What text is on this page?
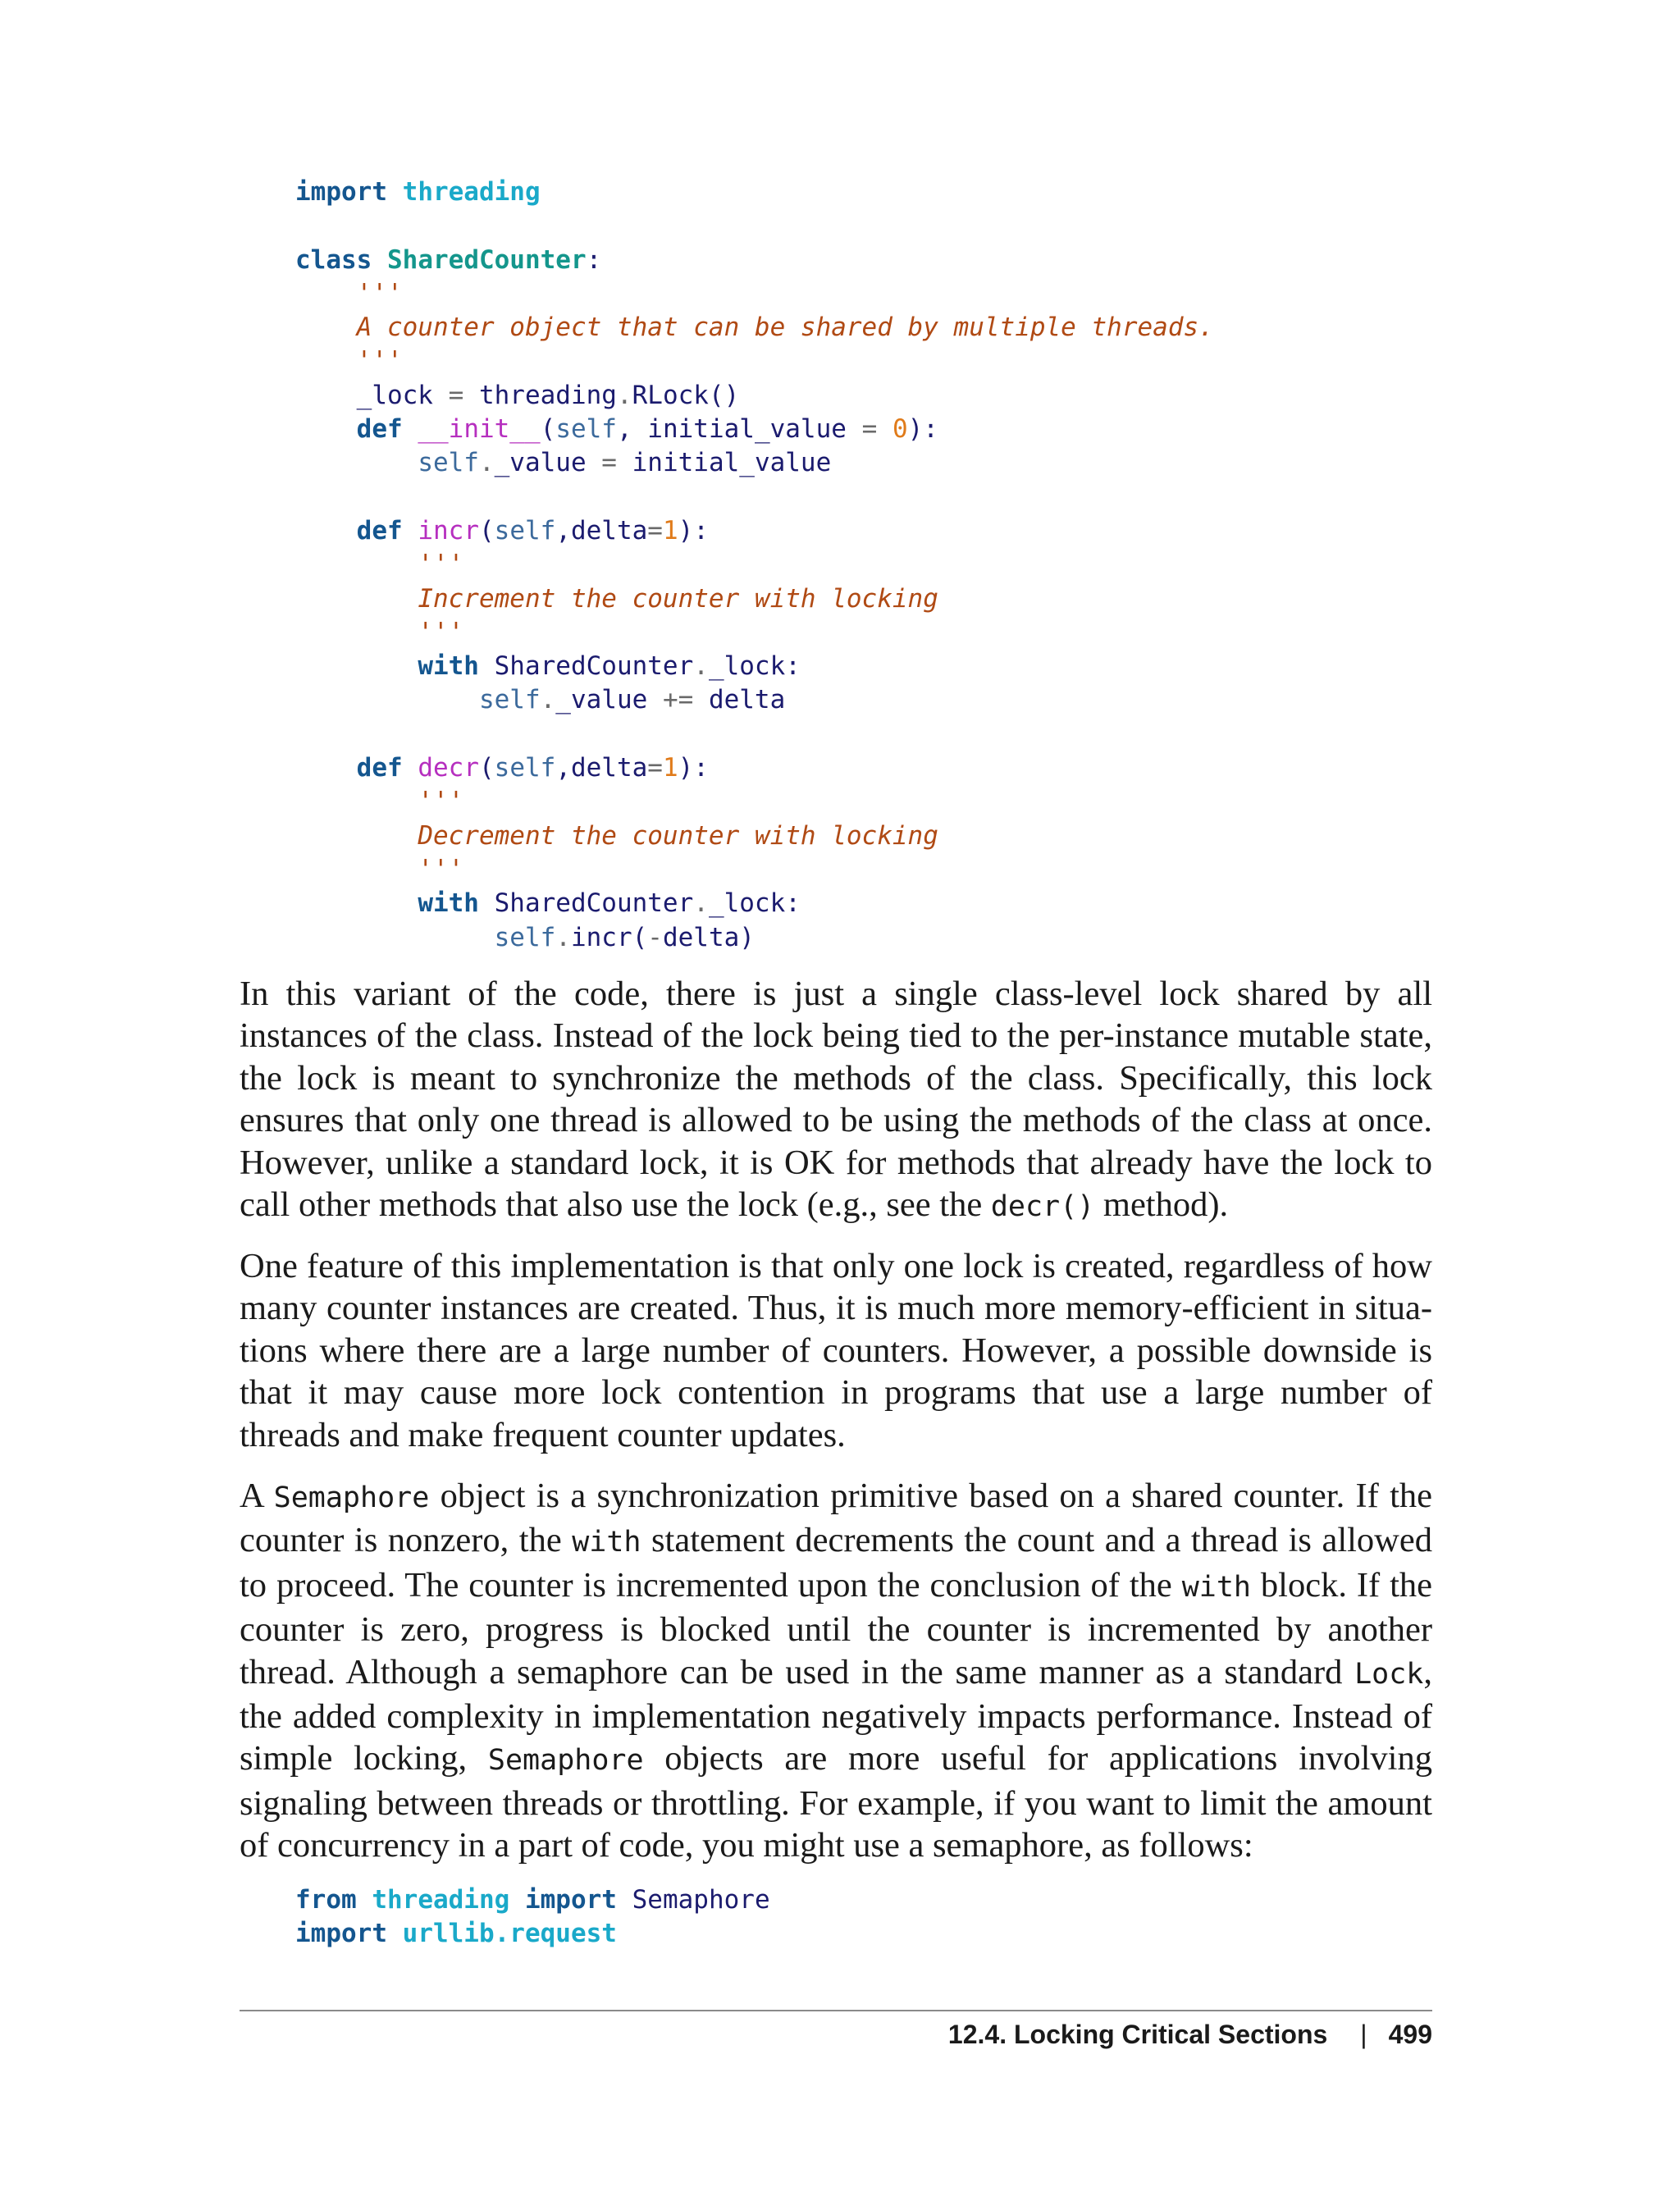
import threading

class SharedCounter:
'''
A counter object that can be shared by multiple threads.
'''
_lock = threading.RLock()
def __init__(self, initial_value = 0):
self._value = initial_value

def incr(self,delta=1):
'''
Increment the counter with locking
'''
with SharedCounter._lock:
self._value += delta

def decr(self,delta=1):
'''
Decrement the counter with locking
'''
with SharedCounter._lock:
self.incr(-delta)

In this variant of the code, there is just a single class-level lock shared by all instances of the class. Instead of the lock being tied to the per-instance mutable state, the lock is meant to synchronize the methods of the class. Specifically, this lock ensures that only one thread is allowed to be using the methods of the class at once. However, unlike a standard lock, it is OK for methods that already have the lock to call other methods that also use the lock (e.g., see the decr() method).

One feature of this implementation is that only one lock is created, regardless of how many counter instances are created. Thus, it is much more memory-efficient in situations where there are a large number of counters. However, a possible downside is that it may cause more lock contention in programs that use a large number of threads and make frequent counter updates.

A Semaphore object is a synchronization primitive based on a shared counter. If the counter is nonzero, the with statement decrements the count and a thread is allowed to proceed. The counter is incremented upon the conclusion of the with block. If the counter is zero, progress is blocked until the counter is incremented by another thread. Although a semaphore can be used in the same manner as a standard Lock, the added complexity in implementation negatively impacts performance. Instead of simple locking, Semaphore objects are more useful for applications involving signaling between threads or throttling. For example, if you want to limit the amount of concurrency in a part of code, you might use a semaphore, as follows:

from threading import Semaphore
import urllib.request
12.4. Locking Critical Sections | 499
